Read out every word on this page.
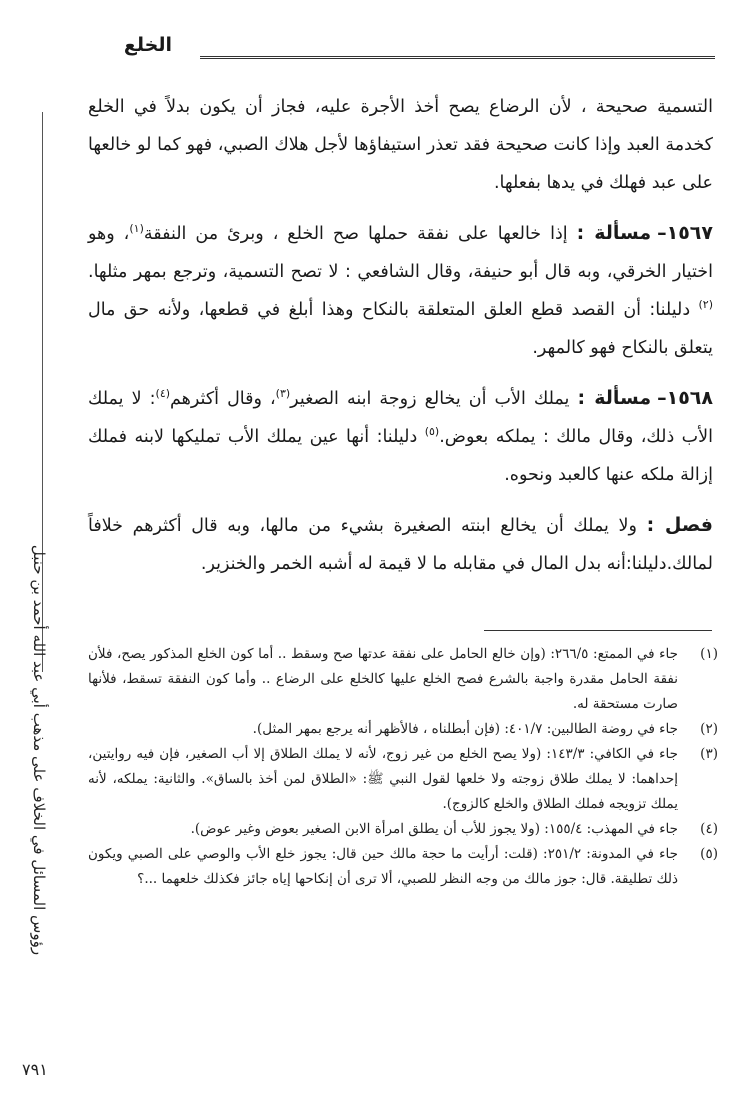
الخلع
رؤوس المسائل في الخلاف على مذهب أبي عبد الله أحمد بن حنبل

التسمية صحيحة ، لأن الرضاع يصح أخذ الأجرة عليه، فجاز أن يكون بدلاً في الخلع كخدمة العبد وإذا كانت صحيحة فقد تعذر استيفاؤها لأجل هلاك الصبي، فهو كما لو خالعها على عبد فهلك في يدها بفعلها.

١٥٦٧–مسألة : إذا خالعها على نفقة حملها صح الخلع ، وبرئ من النفقة$^{(١)}$، وهو اختيار الخرقي، وبه قال أبو حنيفة، وقال الشافعي : لا تصح التسمية، وترجع بمهر مثلها.$^{(٢)}$ دليلنا: أن القصد قطع العلق المتعلقة بالنكاح وهذا أبلغ في قطعها، ولأنه حق مال يتعلق بالنكاح فهو كالمهر.

١٥٦٨–مسألة : يملك الأب أن يخالع زوجة ابنه الصغير$^{(٣)}$، وقال أكثرهم$^{(٤)}$: لا يملك الأب ذلك، وقال مالك : يملكه بعوض.$^{(٥)}$ دليلنا: أنها عين يملك الأب تمليكها لابنه فملك إزالة ملكه عنها كالعبد ونحوه.

فصل : ولا يملك أن يخالع ابنته الصغيرة بشيء من مالها، وبه قال أكثرهم خلافاً لمالك.دليلنا:أنه بدل المال في مقابله ما لا قيمة له أشبه الخمر والخنزير.

(١)
جاء في الممتع: ٢٦٦/٥: (وإن خالع الحامل على نفقة عدتها صح وسقط .. أما كون الخلع المذكور يصح، فلأن نفقة الحامل مقدرة واجبة بالشرع فصح الخلع عليها كالخلع على الرضاع .. وأما كون النفقة تسقط، فلأنها صارت مستحقة له.

(٢)
جاء في روضة الطالبين: ٤٠١/٧: (فإن أبطلناه ، فالأظهر أنه يرجع بمهر المثل).

(٣)
جاء في الكافي: ١٤٣/٣: (ولا يصح الخلع من غير زوج، لأنه لا يملك الطلاق إلا أب الصغير، فإن فيه روايتين، إحداهما: لا يملك طلاق زوجته ولا خلعها لقول النبي ﷺ: «الطلاق لمن أخذ بالساق». والثانية: يملكه، لأنه يملك تزويجه فملك الطلاق والخلع كالزوج).

(٤)
جاء في المهذب: ١٥٥/٤: (ولا يجوز للأب أن يطلق امرأة الابن الصغير بعوض وغير عوض).

(٥)
جاء في المدونة: ٢٥١/٢: (قلت: أرأيت ما حجة مالك حين قال: يجوز خلع الأب والوصي على الصبي ويكون ذلك تطليقة. قال: جوز مالك من وجه النظر للصبي، ألا ترى أن إنكاحها إياه جائز فكذلك خلعهما ...؟

٧٩١
